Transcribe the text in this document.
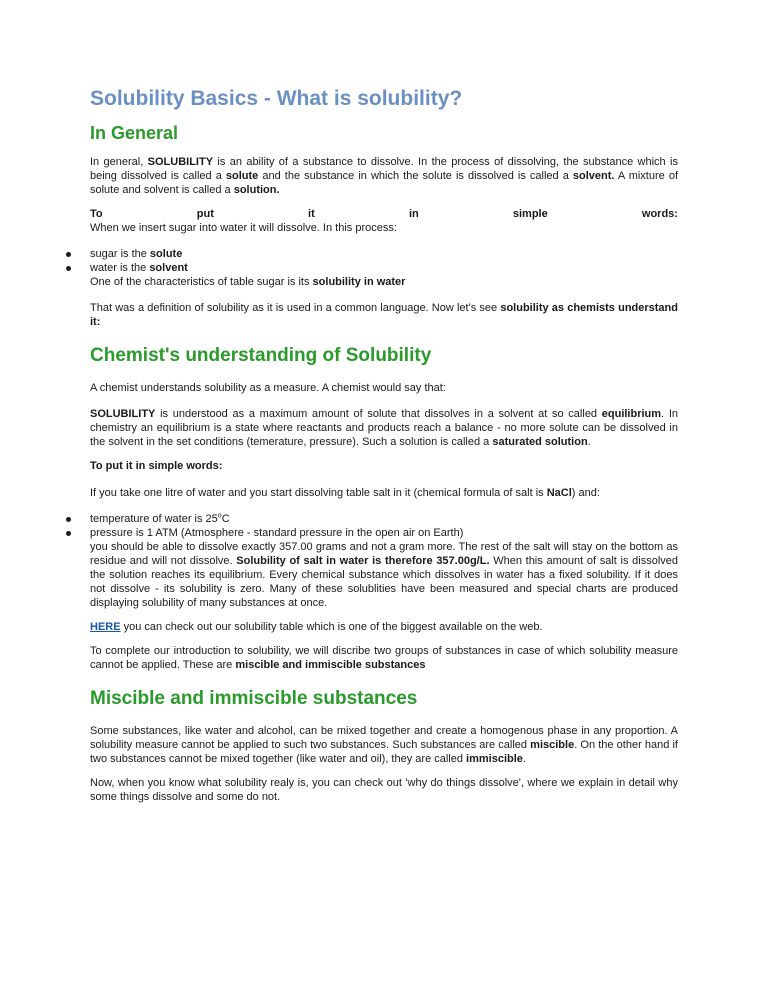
Solubility Basics - What is solubility?
In General

In general, SOLUBILITY is an ability of a substance to dissolve. In the process of dissolving, the substance which is being dissolved is called a solute and the substance in which the solute is dissolved is called a solvent. A mixture of solute and solvent is called a solution.

To	put	it	in	simple	words:

When we insert sugar into water it will dissolve. In this process:

sugar is the solute
water is the solvent

One of the characteristics of table sugar is its solubility in water

That was a definition of solubility as it is used in a common language. Now let's see solubility as chemists understand it:

Chemist's understanding of Solubility

A chemist understands solubility as a measure. A chemist would say that:

SOLUBILITY is understood as a maximum amount of solute that dissolves in a solvent at so called equilibrium. In chemistry an equilibrium is a state where reactants and products reach a balance - no more solute can be dissolved in the solvent in the set conditions (temerature, pressure). Such a solution is called a saturated solution.

To put it in simple words:

If you take one litre of water and you start dissolving table salt in it (chemical formula of salt is NaCl) and:

temperature of water is 25$^o$C
pressure is 1 ATM (Atmosphere - standard pressure in the open air on Earth)

you should be able to dissolve exactly 357.00 grams and not a gram more. The rest of the salt will stay on the bottom as residue and will not dissolve. Solubility of salt in water is therefore 357.00g/L. When this amount of salt is dissolved the solution reaches its equilibrium. Every chemical substance which dissolves in water has a fixed solubility. If it does not dissolve - its solubility is zero. Many of these solublities have been measured and special charts are produced displaying solubility of many substances at once.

HERE you can check out our solubility table which is one of the biggest available on the web.

To complete our introduction to solubility, we will discribe two groups of substances in case of which solubility measure cannot be applied. These are miscible and immiscible substances

Miscible and immiscible substances

Some substances, like water and alcohol, can be mixed together and create a homogenous phase in any proportion. A solubility measure cannot be applied to such two substances. Such substances are called miscible. On the other hand if two substances cannot be mixed together (like water and oil), they are called immiscible.

Now, when you know what solubility realy is, you can check out 'why do things dissolve', where we explain in detail why some things dissolve and some do not.
